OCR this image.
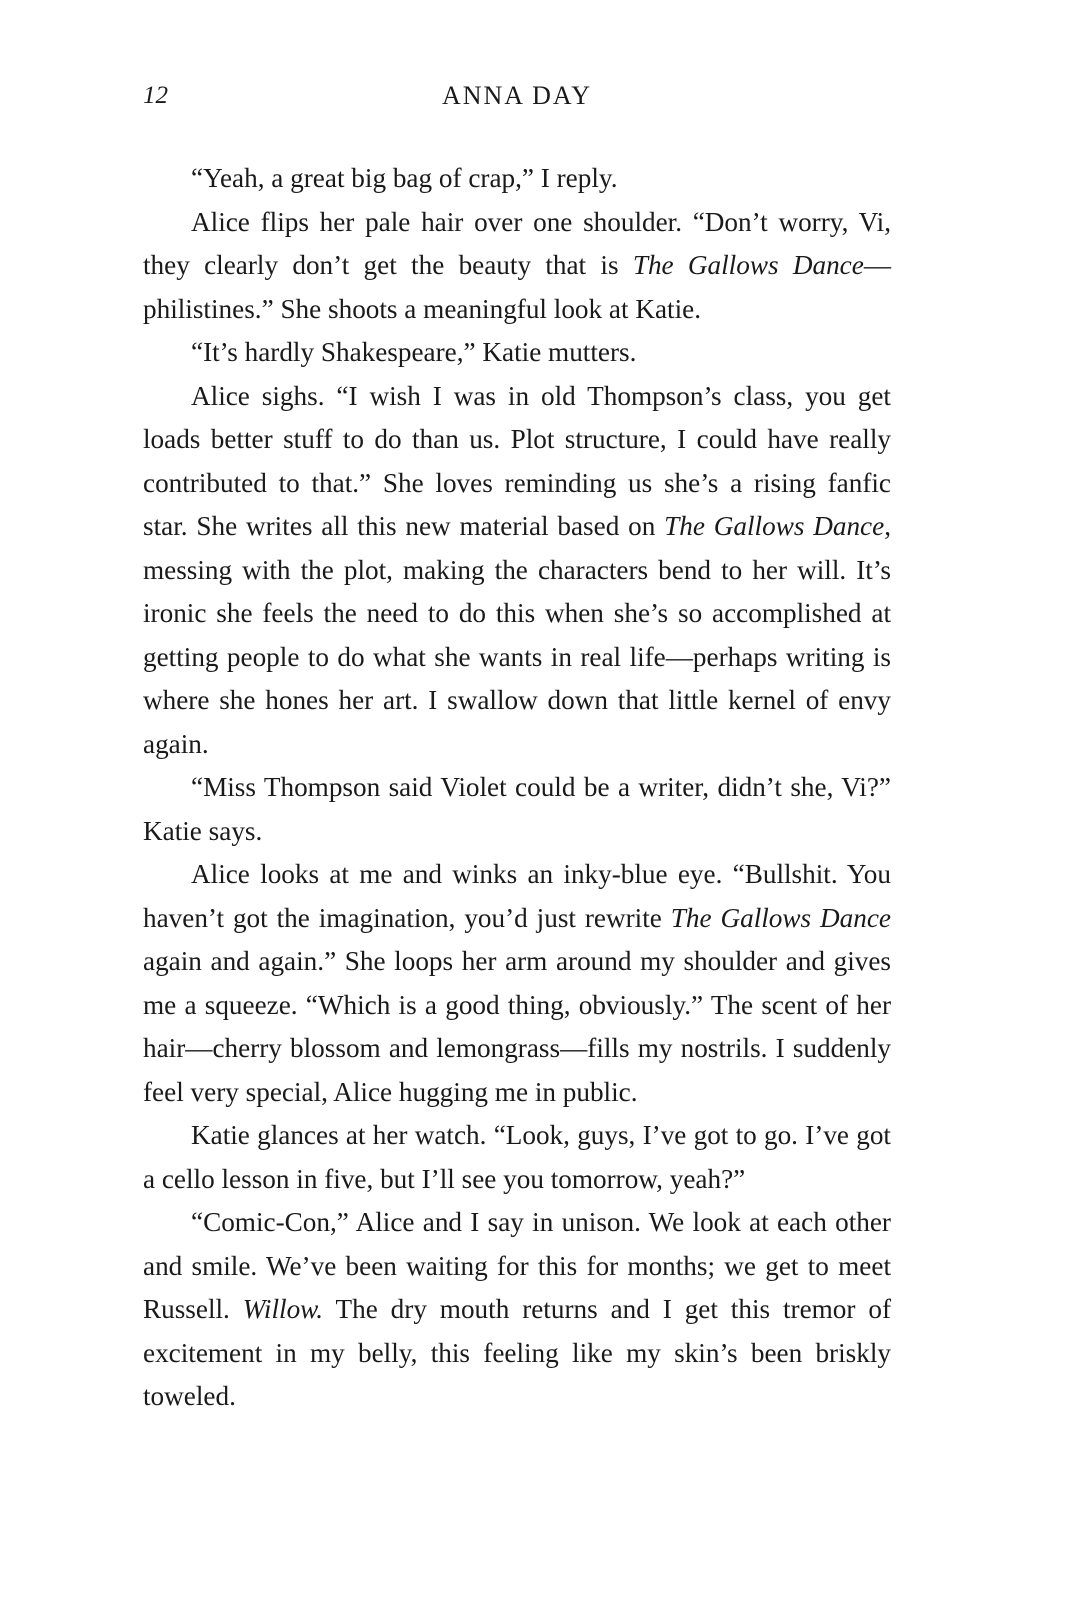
12	ANNA DAY

“Yeah, a great big bag of crap,” I reply.

Alice flips her pale hair over one shoulder. “Don’t worry, Vi, they clearly don’t get the beauty that is The Gallows Dance—philistines.” She shoots a meaningful look at Katie.

“It’s hardly Shakespeare,” Katie mutters.

Alice sighs. “I wish I was in old Thompson’s class, you get loads better stuff to do than us. Plot structure, I could have really contributed to that.” She loves reminding us she’s a rising fanfic star. She writes all this new material based on The Gallows Dance, messing with the plot, making the characters bend to her will. It’s ironic she feels the need to do this when she’s so accomplished at getting people to do what she wants in real life—perhaps writing is where she hones her art. I swallow down that little kernel of envy again.

“Miss Thompson said Violet could be a writer, didn’t she, Vi?” Katie says.

Alice looks at me and winks an inky-blue eye. “Bullshit. You haven’t got the imagination, you’d just rewrite The Gallows Dance again and again.” She loops her arm around my shoulder and gives me a squeeze. “Which is a good thing, obviously.” The scent of her hair—cherry blossom and lemongrass—fills my nostrils. I suddenly feel very special, Alice hugging me in public.

Katie glances at her watch. “Look, guys, I’ve got to go. I’ve got a cello lesson in five, but I’ll see you tomorrow, yeah?”

“Comic-Con,” Alice and I say in unison. We look at each other and smile. We’ve been waiting for this for months; we get to meet Russell. Willow. The dry mouth returns and I get this tremor of excitement in my belly, this feeling like my skin’s been briskly toweled.
